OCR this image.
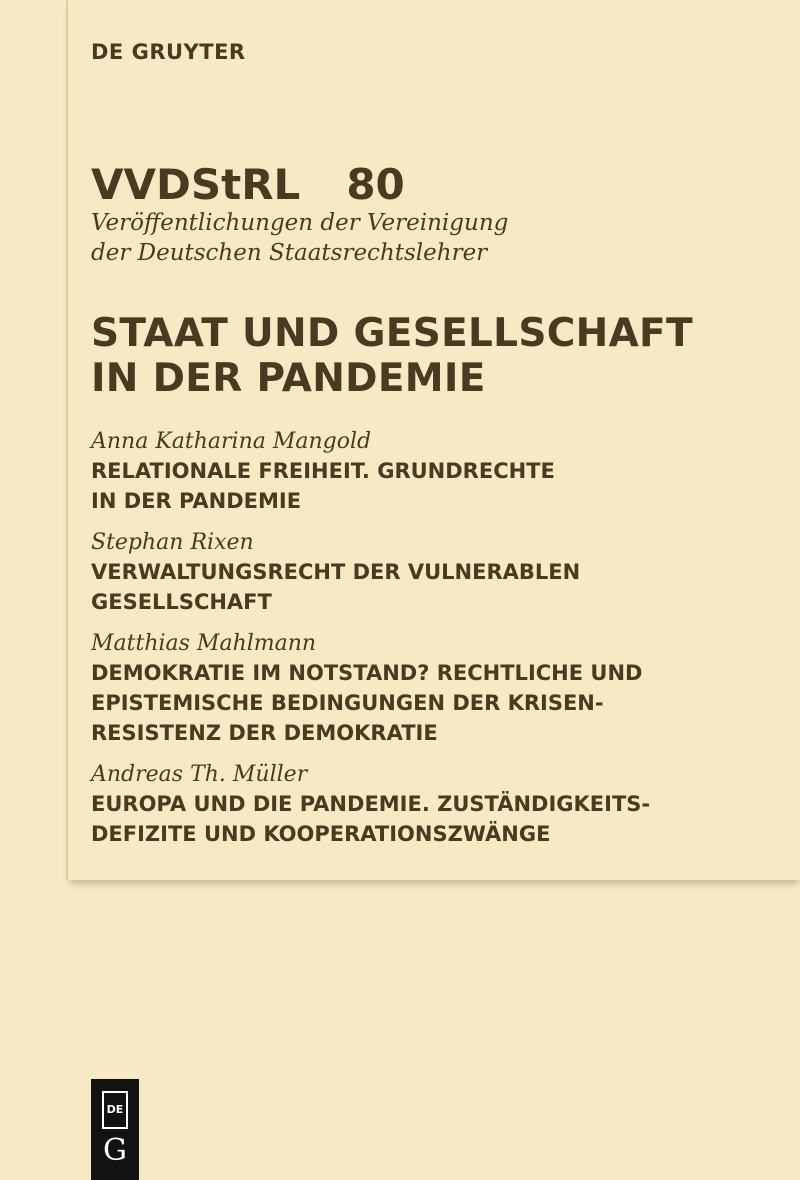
DE GRUYTER
VVDStRL 80
Veröffentlichungen der Vereinigung
der Deutschen Staatsrechtslehrer
STAAT UND GESELLSCHAFT
IN DER PANDEMIE
Anna Katharina Mangold
RELATIONALE FREIHEIT. GRUNDRECHTE
IN DER PANDEMIE
Stephan Rixen
VERWALTUNGSRECHT DER VULNERABLEN
GESELLSCHAFT
Matthias Mahlmann
DEMOKRATIE IM NOTSTAND? RECHTLICHE UND
EPISTEMISCHE BEDINGUNGEN DER KRISEN-
RESISTENZ DER DEMOKRATIE
Andreas Th. Müller
EUROPA UND DIE PANDEMIE. ZUSTÄNDIGKEITS-
DEFIZITE UND KOOPERATIONSZWÄNGE
DE
G
